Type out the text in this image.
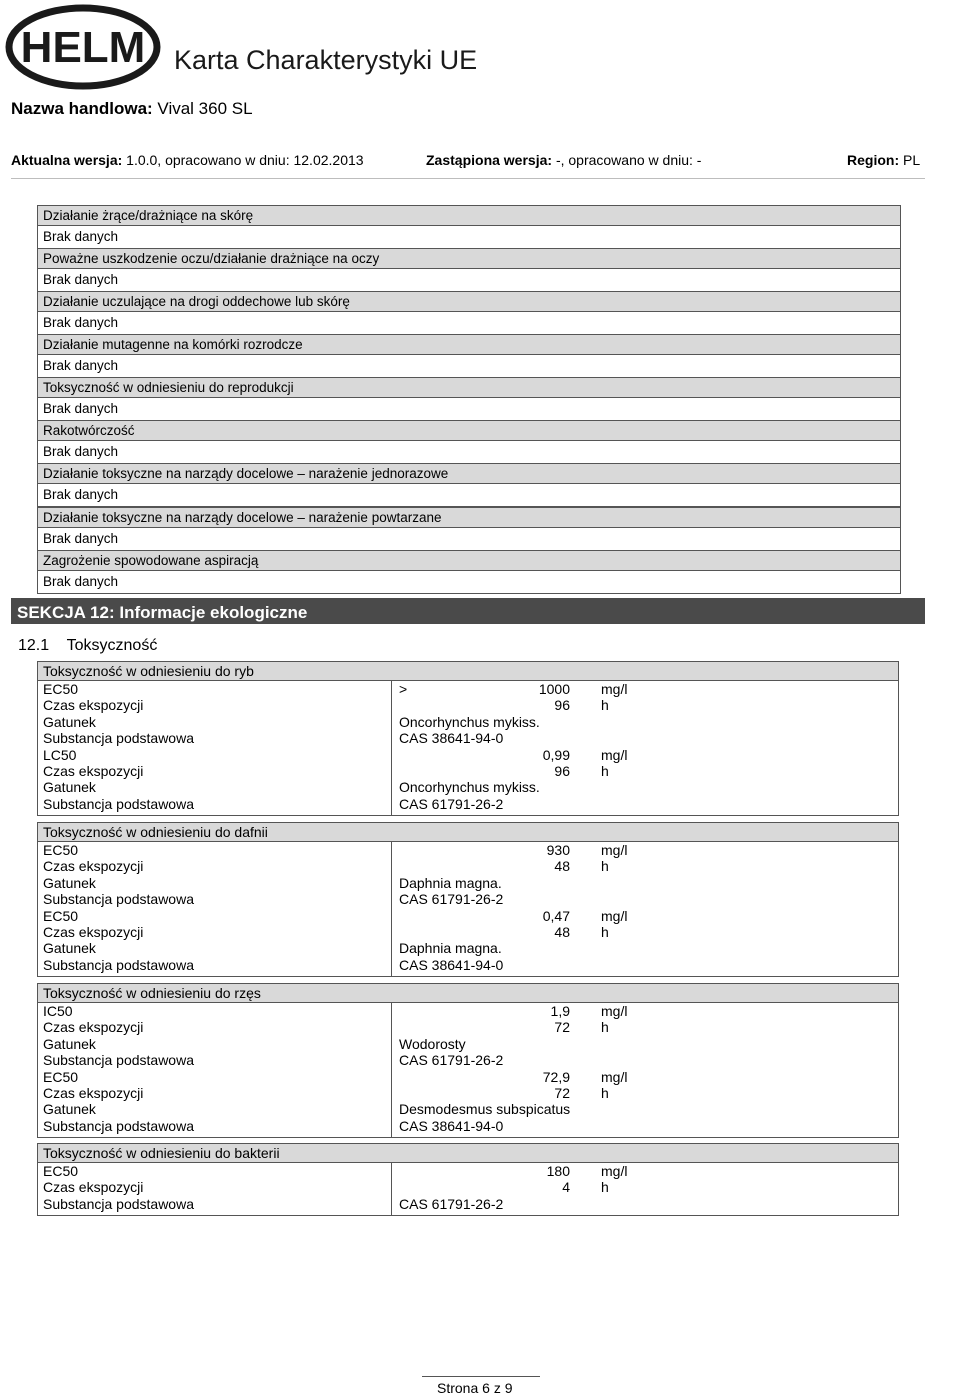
HELM Karta Charakterystyki UE
Nazwa handlowa: Vival 360 SL
Aktualna wersja: 1.0.0, opracowano w dniu: 12.02.2013	Zastąpiona wersja: -, opracowano w dniu: -	Region: PL
Działanie żrące/drażniące na skórę
Brak danych
Poważne uszkodzenie oczu/działanie drażniące na oczy
Brak danych
Działanie uczulające na drogi oddechowe lub skórę
Brak danych
Działanie mutagenne na komórki rozrodcze
Brak danych
Toksyczność w odniesieniu do reprodukcji
Brak danych
Rakotwórczość
Brak danych
Działanie toksyczne na narządy docelowe – narażenie jednorazowe
Brak danych
Działanie toksyczne na narządy docelowe – narażenie powtarzane
Brak danych
Zagrożenie spowodowane aspiracją
Brak danych
SEKCJA 12: Informacje ekologiczne
12.1    Toksyczność
Toksyczność w odniesieniu do ryb
EC50	>	1000 mg/l
Czas ekspozycji	96 h
Gatunek	Oncorhynchus mykiss.
Substancja podstawowa	CAS 38641-94-0
LC50	0,99 mg/l
Czas ekspozycji	96 h
Gatunek	Oncorhynchus mykiss.
Substancja podstawowa	CAS 61791-26-2
Toksyczność w odniesieniu do dafnii
EC50	930 mg/l
Czas ekspozycji	48 h
Gatunek	Daphnia magna.
Substancja podstawowa	CAS 61791-26-2
EC50	0,47 mg/l
Czas ekspozycji	48 h
Gatunek	Daphnia magna.
Substancja podstawowa	CAS 38641-94-0
Toksyczność w odniesieniu do rzęs
IC50	1,9 mg/l
Czas ekspozycji	72 h
Gatunek	Wodorosty
Substancja podstawowa	CAS 61791-26-2
EC50	72,9 mg/l
Czas ekspozycji	72 h
Gatunek	Desmodesmus subspicatus
Substancja podstawowa	CAS 38641-94-0
Toksyczność w odniesieniu do bakterii
EC50	180 mg/l
Czas ekspozycji	4 h
Substancja podstawowa	CAS 61791-26-2
Strona 6 z 9
